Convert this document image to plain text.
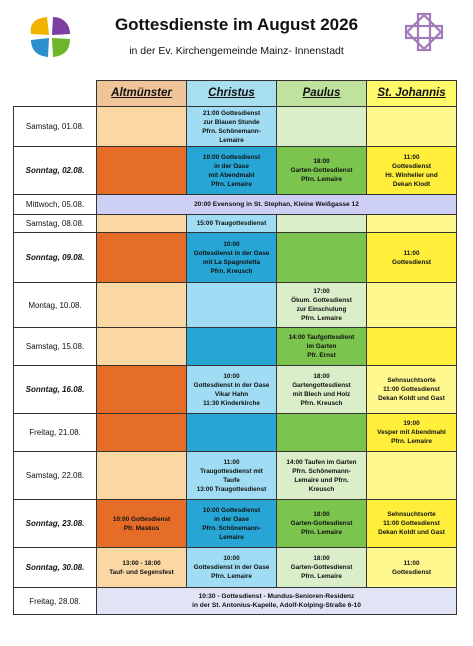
Gottesdienste im August 2026
in der Ev. Kirchengemeinde Mainz- Innenstadt
	Altmünster	Christus	Paulus	St. Johannis
Samstag, 01.08.		21:00 Gottesdienst
zur Blauen Stunde
Pfrn. Schönemann-
Lemaire		
Sonntag, 02.08.		10:00 Gottesdienst
in der Oase
mit Abendmahl
Pfrn. Lemaire	18:00
Garten-Gottesdienst
Pfrn. Lemaire	11:00
Gottesdienst
Hr. Winheller und
Dekan Klodt
Mittwoch, 05.08.	20:00 Evensong in St. Stephan, Kleine Weißgasse 12			
Samstag, 08.08.		15:00 Traugottesdienst		
Sonntag, 09.08.		10:00
Gottesdienst in der Oase
mit La Spagnoletta
Pfrn. Kreusch		11:00
Gottesdienst
Montag, 10.08.			17:00
Ökum. Gottesdienst
zur Einschulung
Pfrn. Lemaire	
Samstag, 15.08.			14:00 Taufgottesdient
im Garten
Pfr. Ernst	
Sonntag, 16.08.		10:00
Gottesdienst in der Oase
Vikar Hahn
11:30 Kinderkirche	18:00
Gartengottesdienst
mit Blech und Holz
Pfrn. Kreusch	Sehnsuchtsorte
11:00 Gottesdienst
Dekan Koldt und Gast
Freitag, 21.08.				19:00
Vesper mit Abendmahl
Pfrn. Lemaire
Samstag, 22.08.		11:00
Traugottesdienst mit
Taufe
13:00 Traugottesdienst	14:00 Taufen im Garten
Pfrn. Schönemann-
Lemaire und Pfrn.
Kreusch	
Sonntag, 23.08.	10:00 Gottesdienst
Pfr. Maskus	10:00 Gottesdienst
in der Oase
Pfrn. Schönemann-
Lemaire	18:00
Garten-Gottesdienst
Pfrn. Lemaire	Sehnsuchtsorte
11:00 Gottesdienst
Dekan Koldt und Gast
Sonntag, 30.08.	13:00 - 18:00
Tauf- und Segensfest	10:00
Gottesdienst in der Oase
Pfrn. Lemaire	18:00
Garten-Gottesdienst
Pfrn. Lemaire	11:00
Gottesdienst
Freitag, 28.08.	10:30 - Gottesdienst - Mundus-Senioren-Residenz
in der St. Antonius-Kapelle, Adolf-Kolping-Straße 6-10			
